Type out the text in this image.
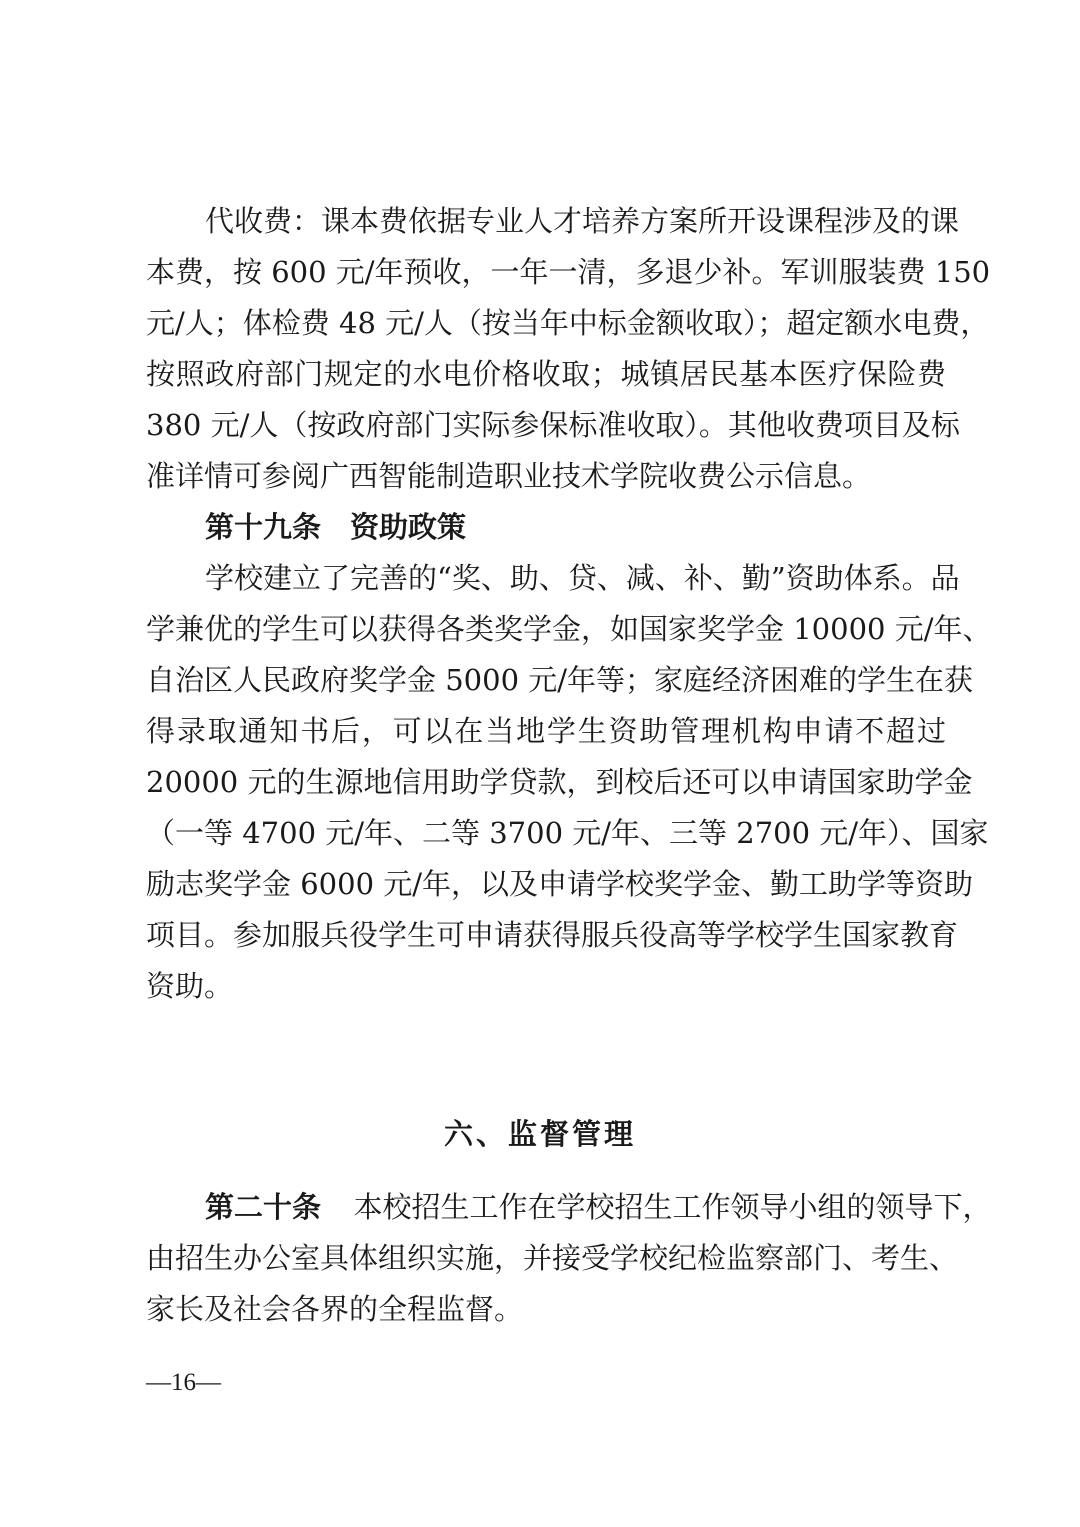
代收费：课本费依据专业人才培养方案所开设课程涉及的课
本费，按 600 元/年预收，一年一清，多退少补。军训服装费 150
元/人；体检费 48 元/人（按当年中标金额收取）；超定额水电费，
按照政府部门规定的水电价格收取；城镇居民基本医疗保险费
380 元/人（按政府部门实际参保标准收取）。其他收费项目及标
准详情可参阅广西智能制造职业技术学院收费公示信息。
第十九条　资助政策
学校建立了完善的“奖、助、贷、减、补、勤”资助体系。品
学兼优的学生可以获得各类奖学金，如国家奖学金 10000 元/年、
自治区人民政府奖学金 5000 元/年等；家庭经济困难的学生在获
得录取通知书后，可以在当地学生资助管理机构申请不超过
20000 元的生源地信用助学贷款，到校后还可以申请国家助学金
（一等 4700 元/年、二等 3700 元/年、三等 2700 元/年）、国家
励志奖学金 6000 元/年，以及申请学校奖学金、勤工助学等资助
项目。参加服兵役学生可申请获得服兵役高等学校学生国家教育
资助。
六、监督管理
第二十条 本校招生工作在学校招生工作领导小组的领导下，
由招生办公室具体组织实施，并接受学校纪检监察部门、考生、
家长及社会各界的全程监督。
—16—
